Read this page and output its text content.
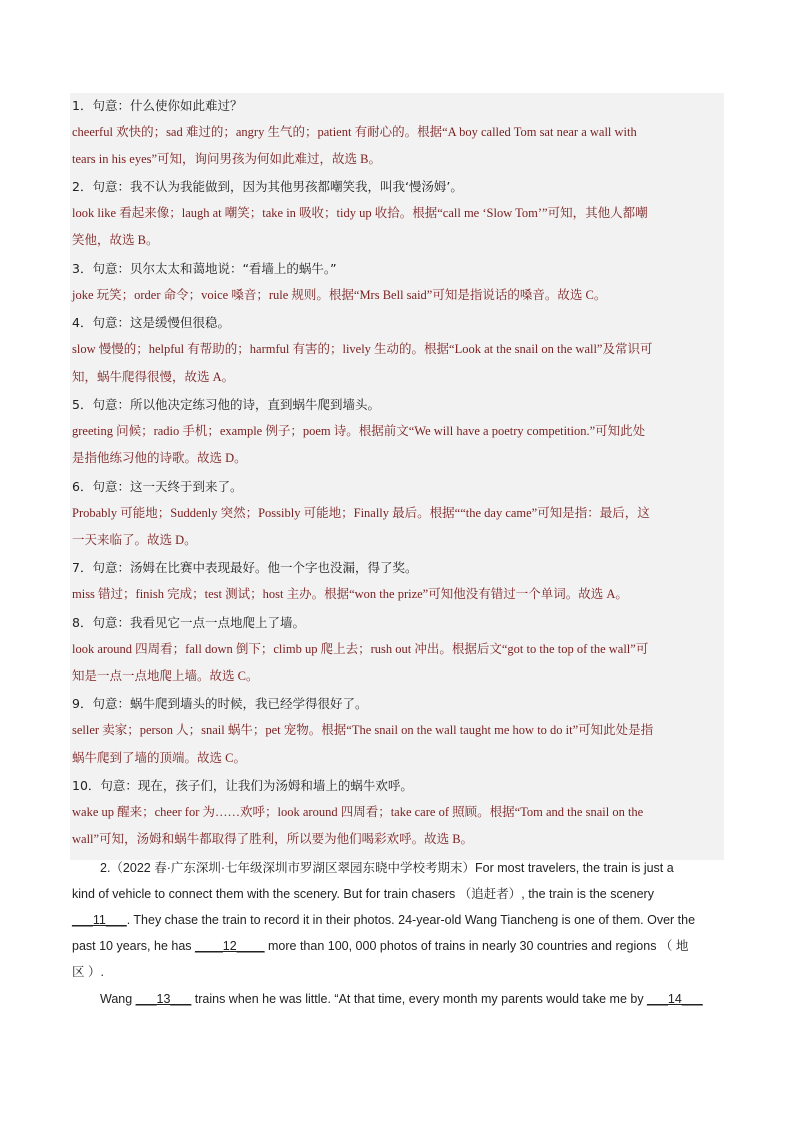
1．句意：什么使你如此难过？
cheerful 欢快的；sad 难过的；angry 生气的；patient 有耐心的。根据“A boy called Tom sat near a wall with
tears in his eyes”可知，询问男孩为何如此难过，故选 B。
2．句意：我不认为我能做到，因为其他男孩都嘲笑我，叫我‘慢汤姆’。
look like 看起来像；laugh at 嘲笑；take in 吸收；tidy up 收拾。根据“call me ‘Slow Tom’”可知，其他人都嘲
笑他，故选 B。
3．句意：贝尔太太和蔼地说：“看墙上的蜗牛。”
joke 玩笑；order 命令；voice 嗓音；rule 规则。根据“Mrs Bell said”可知是指说话的嗓音。故选 C。
4．句意：这是缓慢但很稳。
slow 慢慢的；helpful 有帮助的；harmful 有害的；lively 生动的。根据“Look at the snail on the wall”及常识可
知，蜗牛爬得很慢，故选 A。
5．句意：所以他决定练习他的诗，直到蜗牛爬到墙头。
greeting 问候；radio 手机；example 例子；poem 诗。根据前文“We will have a poetry competition.”可知此处
是指他练习他的诗歌。故选 D。
6．句意：这一天终于到来了。
Probably 可能地；Suddenly 突然；Possibly 可能地；Finally 最后。根据““the day came”可知是指：最后，这
一天来临了。故选 D。
7．句意：汤姆在比赛中表现最好。他一个字也没漏，得了奖。
miss 错过；finish 完成；test 测试；host 主办。根据“won the prize”可知他没有错过一个单词。故选 A。
8．句意：我看见它一点一点地爬上了墙。
look around 四周看；fall down 倒下；climb up 爬上去；rush out 冲出。根据后文“got to the top of the wall”可
知是一点一点地爬上墙。故选 C。
9．句意：蜗牛爬到墙头的时候，我已经学得很好了。
seller 卖家；person 人；snail 蜗牛；pet 宠物。根据“The snail on the wall taught me how to do it”可知此处是指
蜗牛爬到了墙的顶端。故选 C。
10．句意：现在，孩子们，让我们为汤姆和墙上的蜗牛欢呼。
wake up 醒来；cheer for 为……欢呼；look around 四周看；take care of 照顾。根据“Tom and the snail on the
wall”可知，汤姆和蜗牛都取得了胜利，所以要为他们喝彩欢呼。故选 B。
2.（2022 春·广东深圳·七年级深圳市罗湖区翠园东晓中学校考期末）For most travelers, the train is just a
kind of vehicle to connect them with the scenery. But for train chasers （追赶者）, the train is the scenery
___11___. They chase the train to record it in their photos. 24-year-old Wang Tiancheng is one of them. Over the
past 10 years, he has ____12____ more than 100, 000 photos of trains in nearly 30 countries and regions （ 地
区 ）.
Wang ___13___ trains when he was little. “At that time, every month my parents would take me by ___14___
